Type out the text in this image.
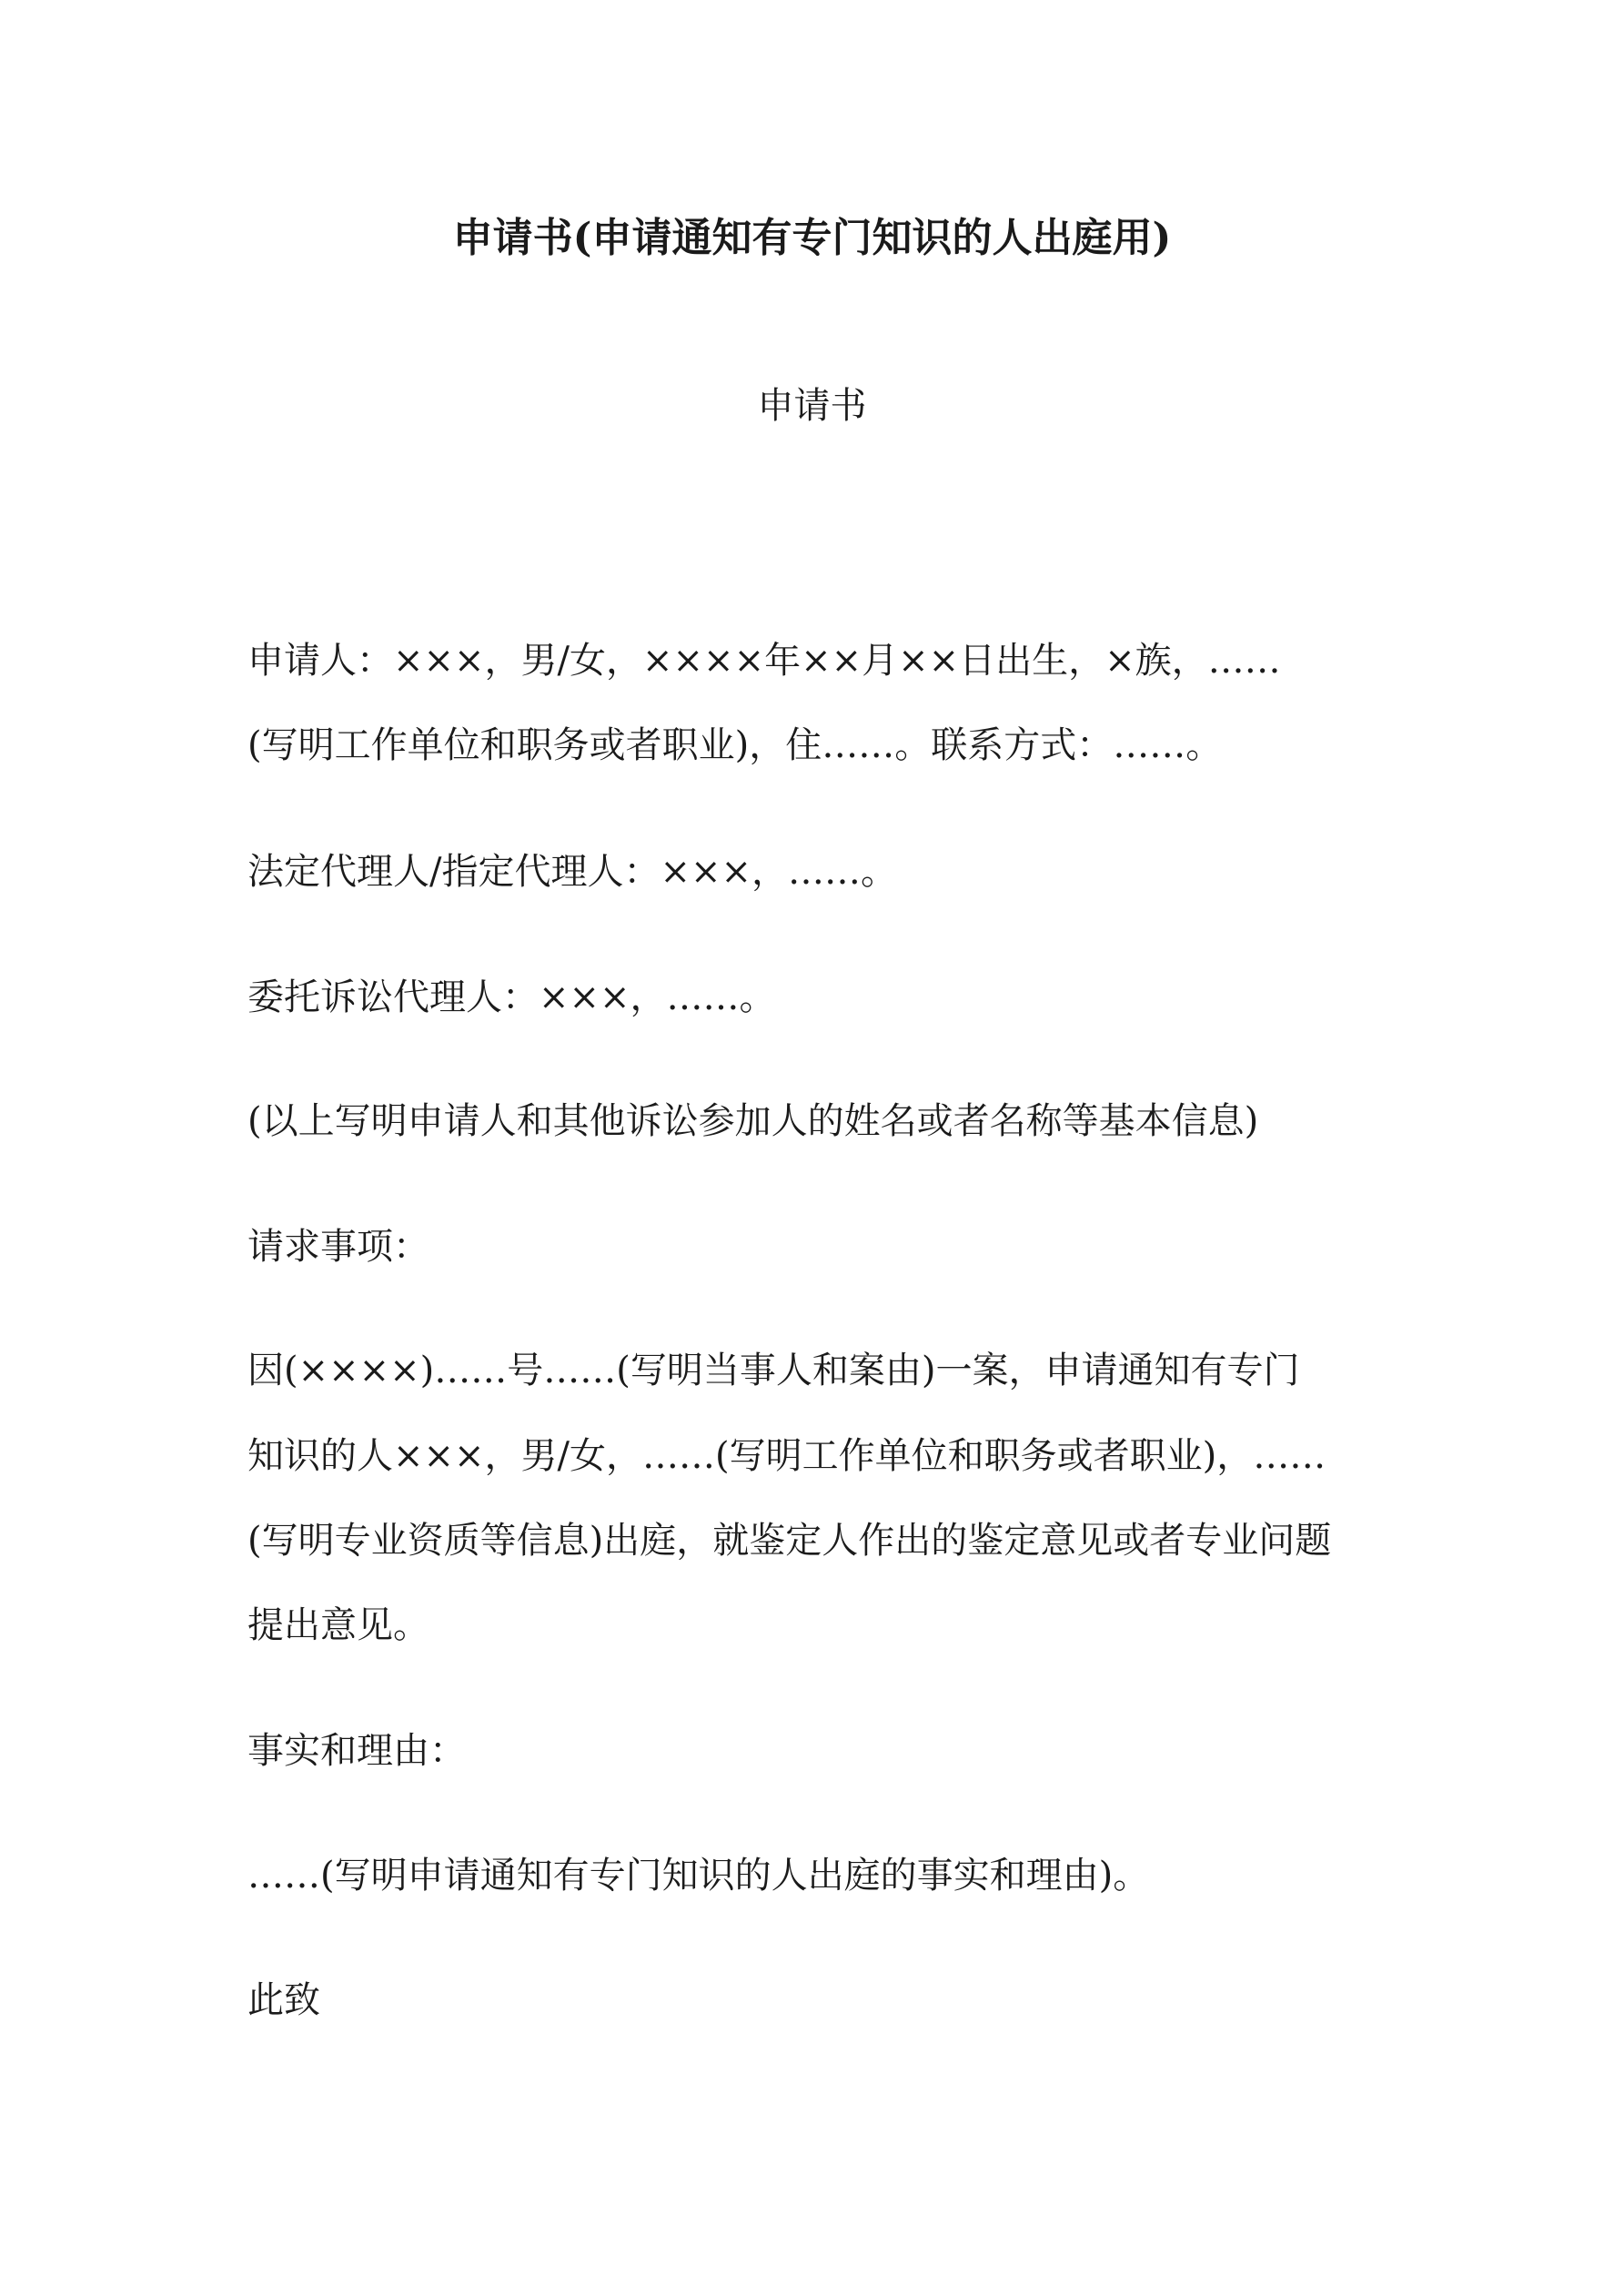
申请书(申请通知有专门知识的人出庭用)
申请书
申请人：×××，男/女，××××年××月××日出生，×族，……
(写明工作单位和职务或者职业)，住……。联系方式：……。
法定代理人/指定代理人：×××，……。
委托诉讼代理人：×××，……。
(以上写明申请人和其他诉讼参加人的姓名或者名称等基本信息)
请求事项：
因(××××)……号……(写明当事人和案由)一案，申请通知有专门
知识的人×××，男/女，……(写明工作单位和职务或者职业)，……
(写明专业资质等信息)出庭，就鉴定人作出的鉴定意见或者专业问题
提出意见。
事实和理由：
……(写明申请通知有专门知识的人出庭的事实和理由)。
此致
